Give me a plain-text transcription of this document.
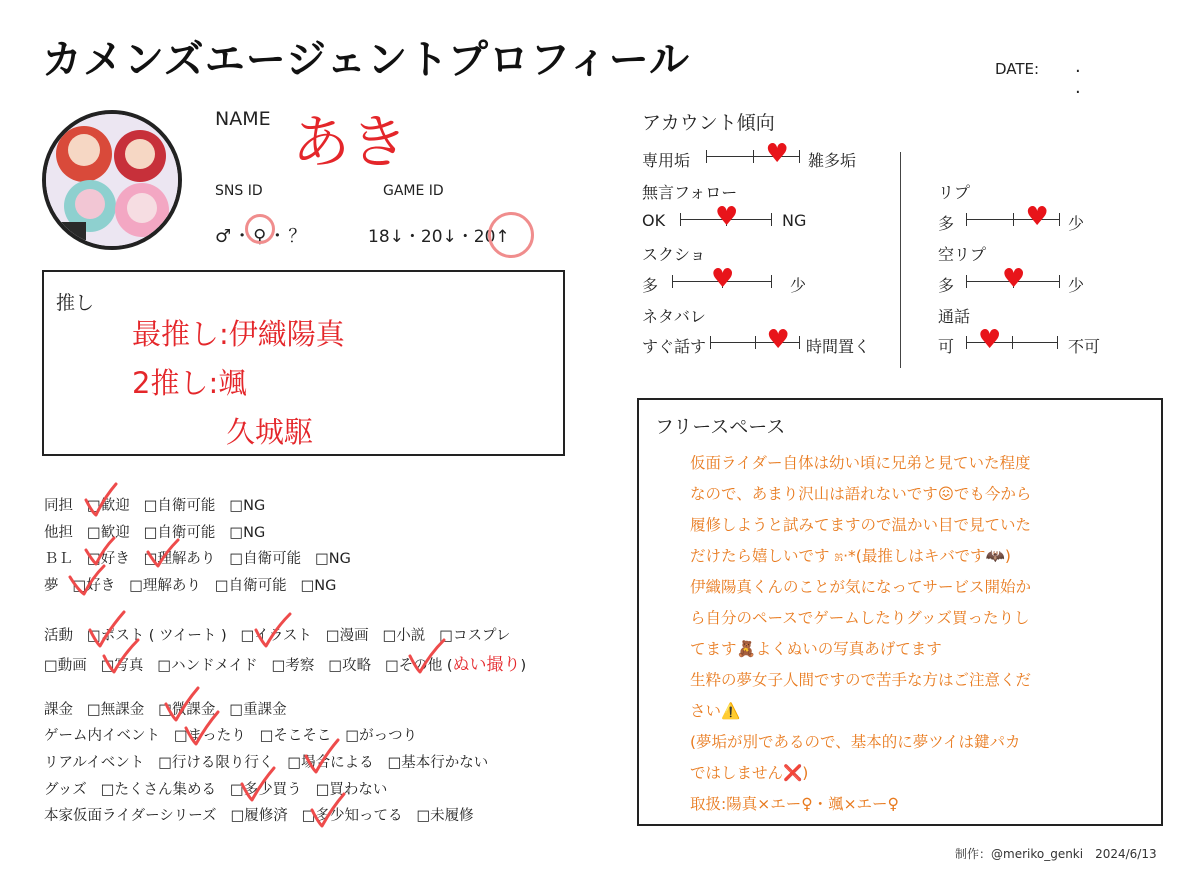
カメンズエージェントプロフィール	DATE: . .
NAME あき
SNS ID	GAME ID
♂・♀・？	18↓・20↓・20↑
推し
最推し:伊織陽真
2推し:颯
久城駆
アカウント傾向
専用垢	♥ 雑多垢
無言フォロー
OK ♥	NG
スクショ
多 ♥	少
ネタバレ
すぐ話す ♥ 時間置く
リプ
多	♥ 少
空リプ
多 ♥	少
通話
可 ♥	不可
フリースペース

仮面ライダー自体は幼い頃に兄弟と見ていた程度

なので、あまり沢山は語れないです😖でも今から

履修しようと試みてますので温かい目で見ていた

だけたら嬉しいです ೫·*(最推しはキバです🦇)

伊織陽真くんのことが気になってサービス開始か

ら自分のペースでゲームしたりグッズ買ったりし

てます🧸よくぬいの写真あげてます

生粋の夢女子人間ですので苦手な方はご注意くだ

さい⚠️

(夢垢が別であるので、基本的に夢ツイは鍵パカ

ではしません❌)

取扱:陽真×エー♀・颯×エー♀

同担 □歓迎 □自衛可能 □NG
他担 □歓迎 □自衛可能 □NG
ＢＬ □好き □理解あり □自衛可能 □NG
夢 □好き □理解あり □自衛可能 □NG
活動 □ポスト ( ツイート ) □イラスト □漫画 □小説 □コスプレ
□動画 □写真 □ハンドメイド □考察 □攻略 □その他 (ぬい撮り)
課金 □無課金 □微課金 □重課金
ゲーム内イベント □まったり □そこそこ □がっつり
リアルイベント □行ける限り行く □場合による □基本行かない
グッズ □たくさん集める □多少買う □買わない
本家仮面ライダーシリーズ □履修済 □多少知ってる □未履修
制作：@meriko_genki　2024/6/13
